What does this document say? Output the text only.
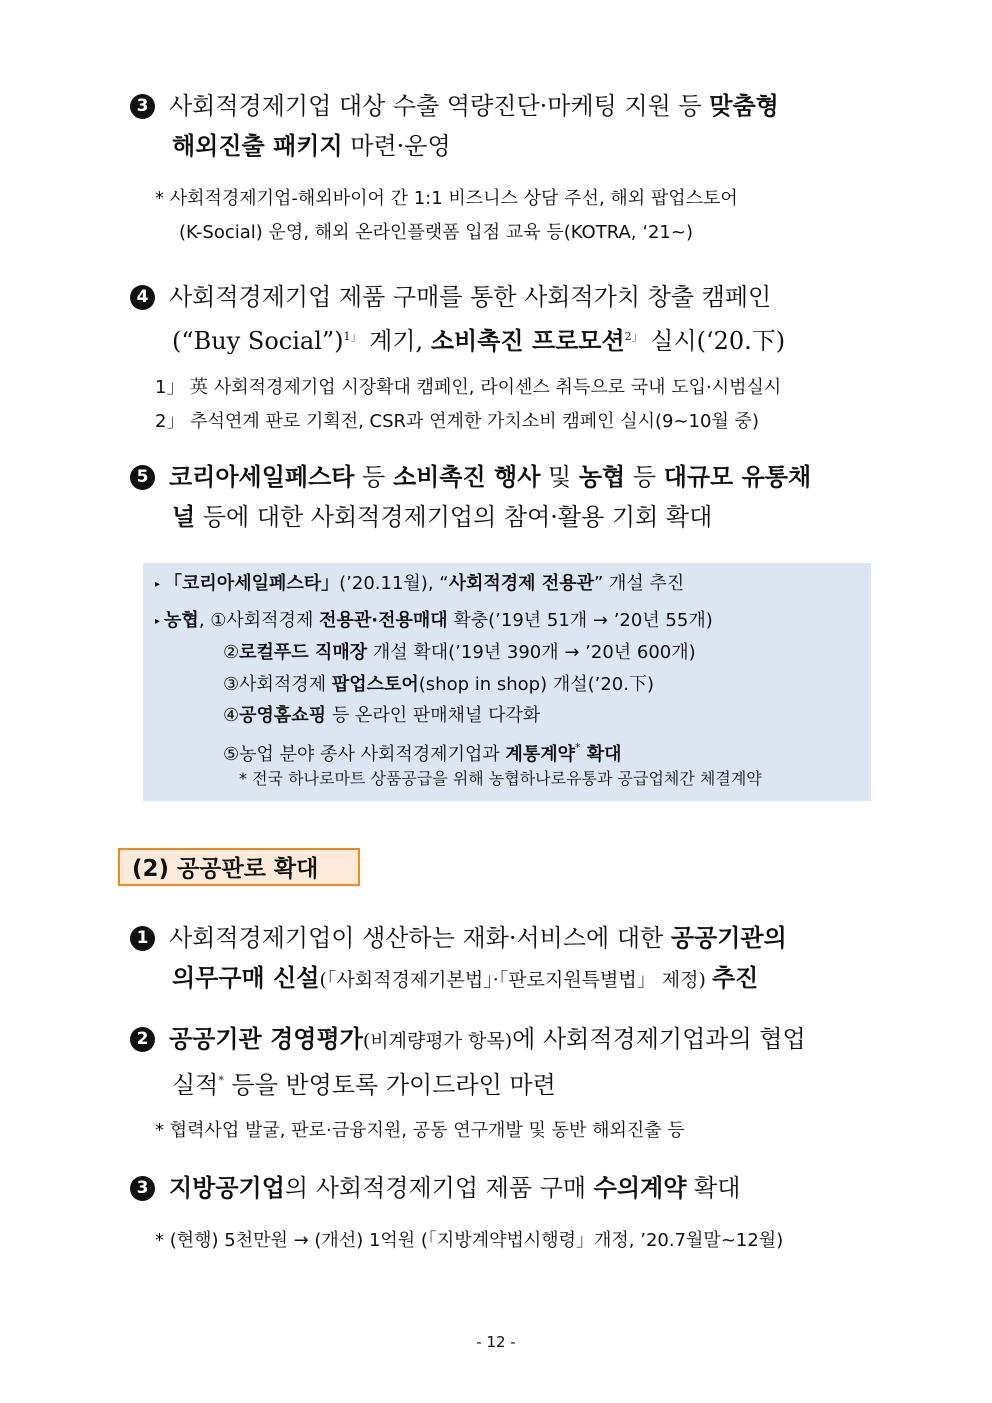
3 사회적경제기업 대상 수출 역량진단·마케팅 지원 등 맞춤형
해외진출 패키지 마련·운영
* 사회적경제기업-해외바이어 간 1:1 비즈니스 상담 주선, 해외 팝업스토어
(K-Social) 운영, 해외 온라인플랫폼 입점 교육 등(KOTRA, ‘21~)
4 사회적경제기업 제품 구매를 통한 사회적가치 창출 캠페인
(“Buy Social”)$^{1」}$ 계기, 소비촉진 프로모션$^{2」}$ 실시(‘20.下)
1」 英 사회적경제기업 시장확대 캠페인, 라이센스 취득으로 국내 도입·시범실시
2」 추석연계 판로 기획전, CSR과 연계한 가치소비 캠페인 실시(9~10월 중)
5 코리아세일페스타 등 소비촉진 행사 및 농협 등 대규모 유통채
널 등에 대한 사회적경제기업의 참여·활용 기회 확대
▸ 「코리아세일페스타」(’20.11월), “사회적경제 전용관” 개설 추진
▸ 농협, ①사회적경제 전용관·전용매대 확충(’19년 51개 → ’20년 55개)
②로컬푸드 직매장 개설 확대(’19년 390개 → ’20년 600개)
③사회적경제 팝업스토어(shop in shop) 개설(’20.下)
④공영홈쇼핑 등 온라인 판매채널 다각화
⑤농업 분야 종사 사회적경제기업과 계통계약* 확대
* 전국 하나로마트 상품공급을 위해 농협하나로유통과 공급업체간 체결계약
(2) 공공판로 확대
1 사회적경제기업이 생산하는 재화·서비스에 대한 공공기관의
의무구매 신설(「사회적경제기본법」·「판로지원특별법」 제정) 추진
2 공공기관 경영평가(비계량평가 항목)에 사회적경제기업과의 협업
실적* 등을 반영토록 가이드라인 마련
* 협력사업 발굴, 판로·금융지원, 공동 연구개발 및 동반 해외진출 등
3 지방공기업의 사회적경제기업 제품 구매 수의계약 확대
* (현행) 5천만원 → (개선) 1억원 (「지방계약법시행령」개정, ’20.7월말~12월)
- 12 -
